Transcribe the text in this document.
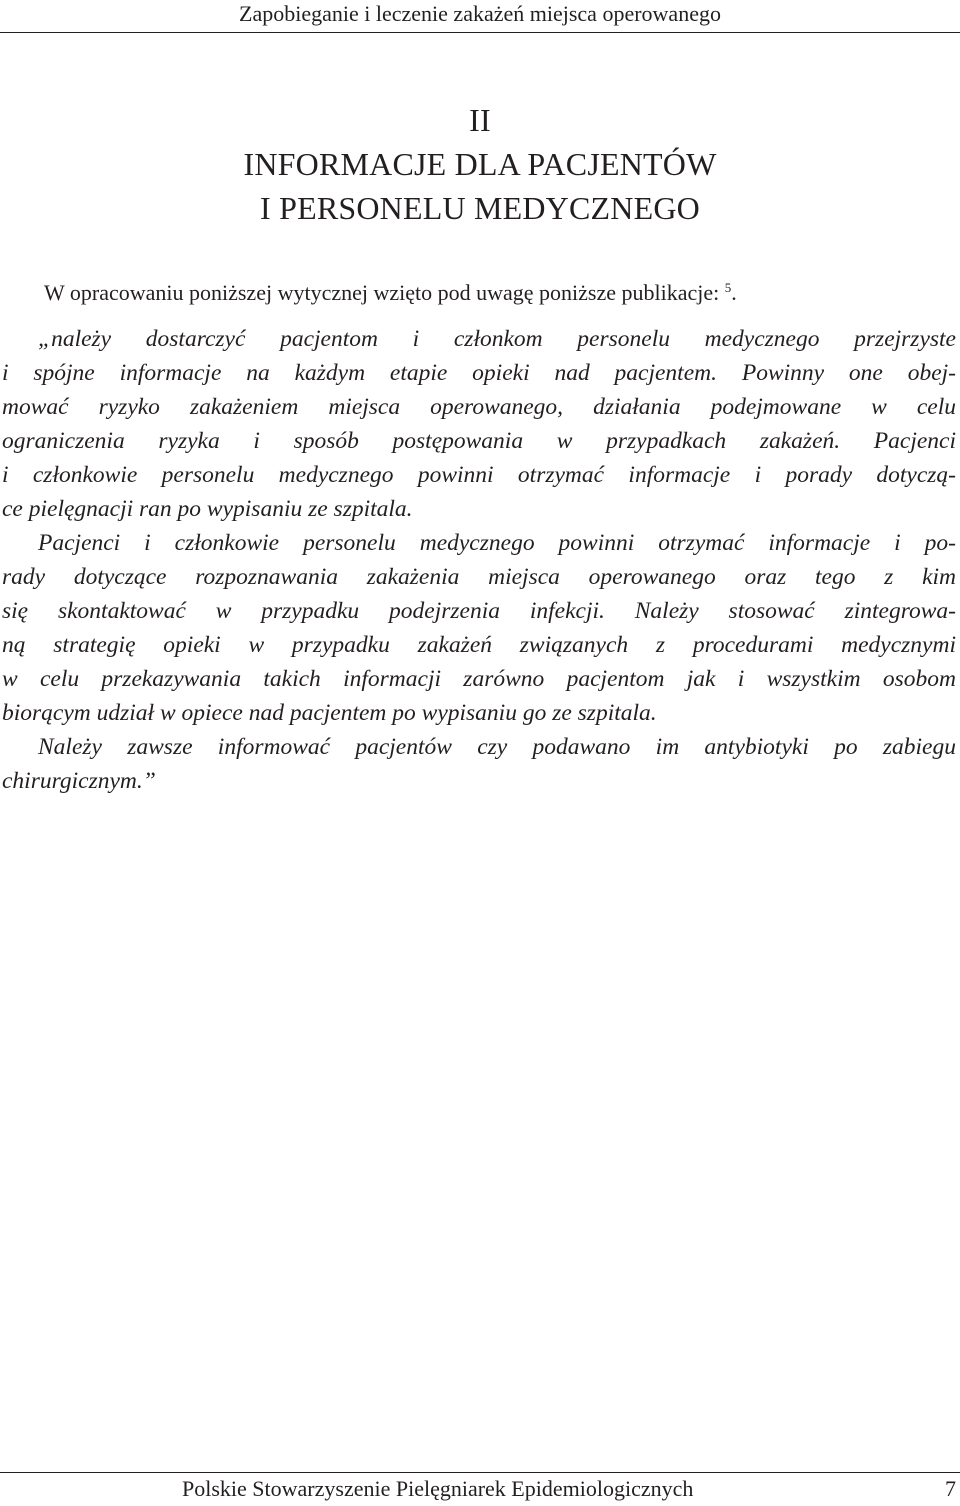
Zapobieganie i leczenie zakażeń miejsca operowanego
II
INFORMACJE DLA PACJENTÓW
I PERSONELU MEDYCZNEGO
W opracowaniu poniższej wytycznej wzięto pod uwagę poniższe publikacje: $^5$.
„należy dostarczyć pacjentom i członkom personelu medycznego przejrzyste
i spójne informacje na każdym etapie opieki nad pacjentem. Powinny one obej-
mować ryzyko zakażeniem miejsca operowanego, działania podejmowane w celu
ograniczenia ryzyka i sposób postępowania w przypadkach zakażeń. Pacjenci
i członkowie personelu medycznego powinni otrzymać informacje i porady dotyczą-
ce pielęgnacji ran po wypisaniu ze szpitala.
Pacjenci i członkowie personelu medycznego powinni otrzymać informacje i po-
rady dotyczące rozpoznawania zakażenia miejsca operowanego oraz tego z kim
się skontaktować w przypadku podejrzenia infekcji. Należy stosować zintegrowa-
ną strategię opieki w przypadku zakażeń związanych z procedurami medycznymi
w celu przekazywania takich informacji zarówno pacjentom jak i wszystkim osobom
biorącym udział w opiece nad pacjentem po wypisaniu go ze szpitala.
Należy zawsze informować pacjentów czy podawano im antybiotyki po zabiegu
chirurgicznym.”
Polskie Stowarzyszenie Pielęgniarek Epidemiologicznych	7
